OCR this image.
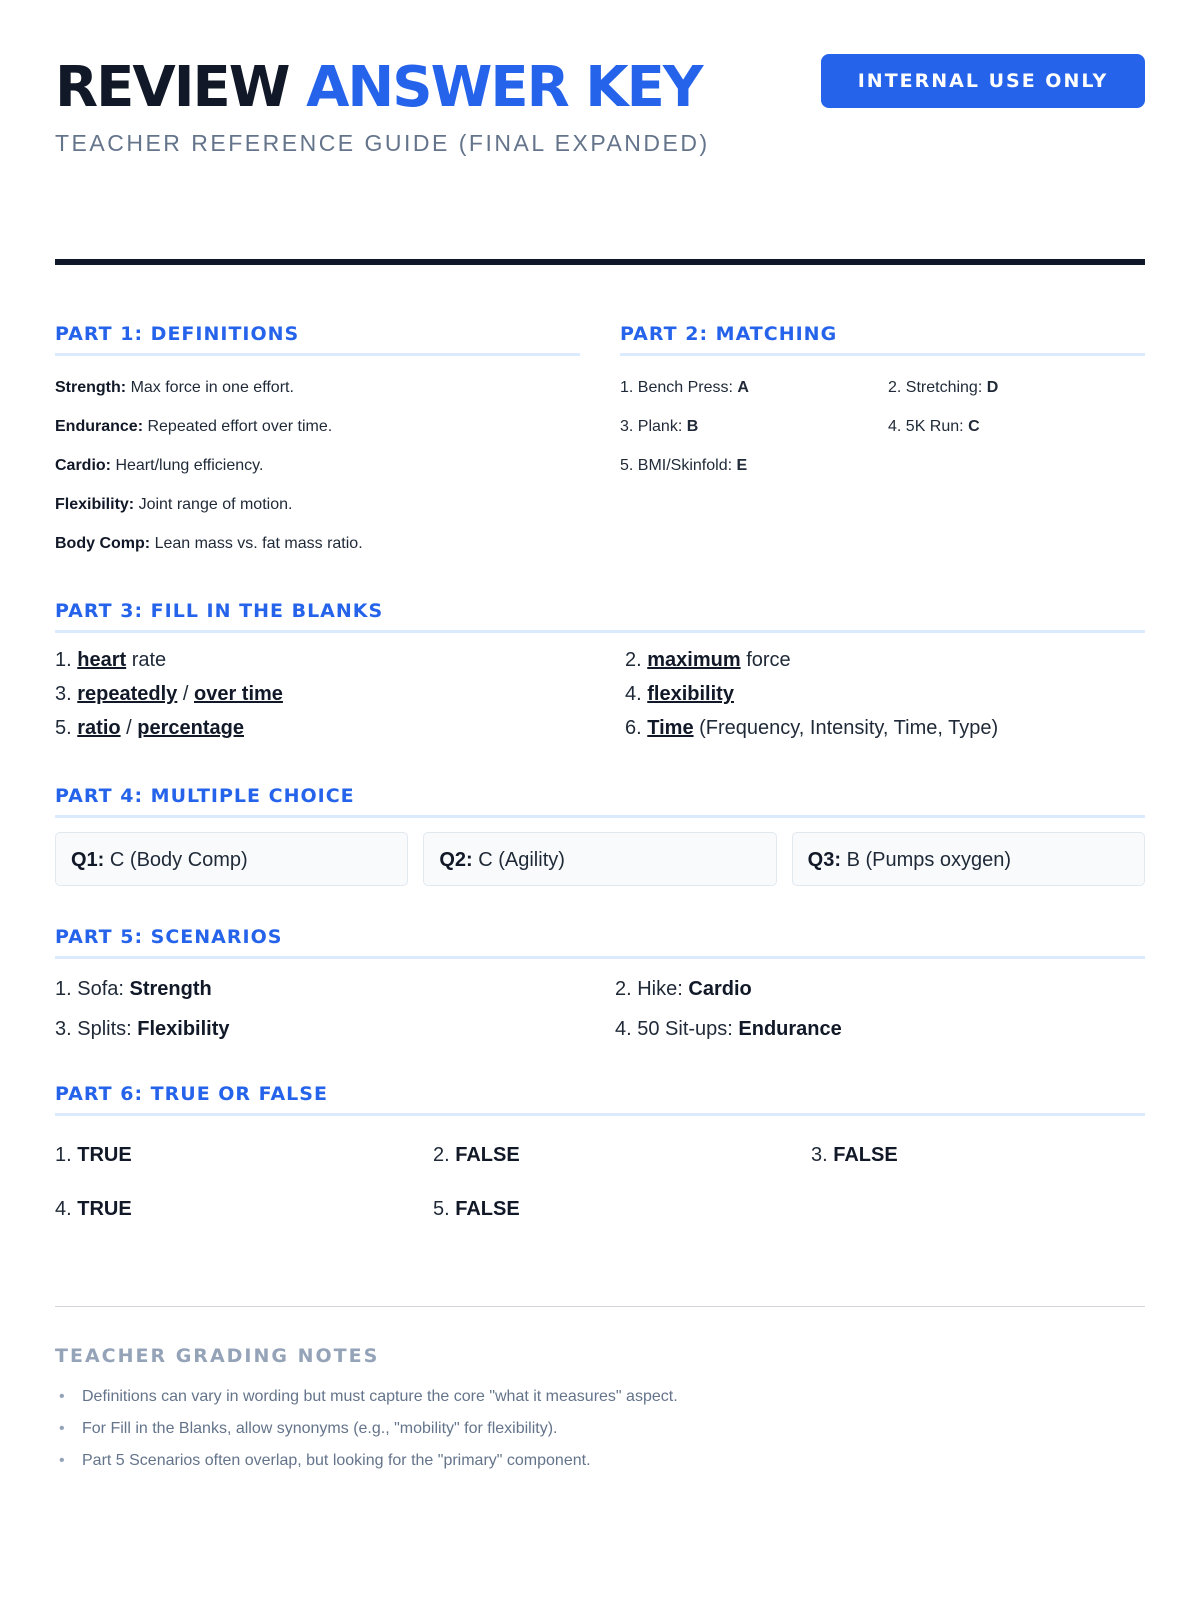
REVIEW ANSWER KEY
TEACHER REFERENCE GUIDE (FINAL EXPANDED)
INTERNAL USE ONLY
PART 1: DEFINITIONS
Strength: Max force in one effort.
Endurance: Repeated effort over time.
Cardio: Heart/lung efficiency.
Flexibility: Joint range of motion.
Body Comp: Lean mass vs. fat mass ratio.
PART 2: MATCHING
1. Bench Press: A	2. Stretching: D
3. Plank: B	4. 5K Run: C
5. BMI/Skinfold: E
PART 3: FILL IN THE BLANKS
1. heart rate	2. maximum force
3. repeatedly / over time	4. flexibility
5. ratio / percentage	6. Time (Frequency, Intensity, Time, Type)
PART 4: MULTIPLE CHOICE
Q1: C (Body Comp)	Q2: C (Agility)	Q3: B (Pumps oxygen)
PART 5: SCENARIOS
1. Sofa: Strength	2. Hike: Cardio
3. Splits: Flexibility	4. 50 Sit-ups: Endurance
PART 6: TRUE OR FALSE
1. TRUE	2. FALSE	3. FALSE
4. TRUE	5. FALSE
TEACHER GRADING NOTES
• Definitions can vary in wording but must capture the core "what it measures" aspect.
• For Fill in the Blanks, allow synonyms (e.g., "mobility" for flexibility).
• Part 5 Scenarios often overlap, but looking for the "primary" component.
